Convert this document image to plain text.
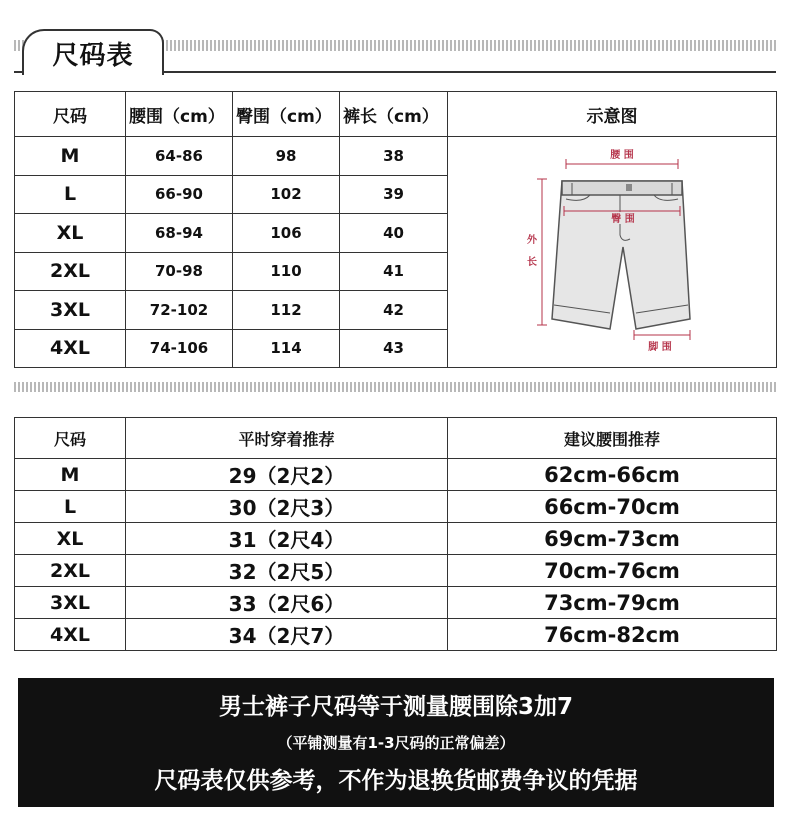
尺码表
尺码	腰围（cm）	臀围（cm）	裤长（cm）	示意图
M	64-86	98	38	腰 围
外
长
臀 围
脚 围

L	66-90	102	39	
XL	68-94	106	40	
2XL	70-98	110	41	
3XL	72-102	112	42	
4XL	74-106	114	43	
尺码	平时穿着推荐	建议腰围推荐
M	29（2尺2）	62cm-66cm
L	30（2尺3）	66cm-70cm
XL	31（2尺4）	69cm-73cm
2XL	32（2尺5）	70cm-76cm
3XL	33（2尺6）	73cm-79cm
4XL	34（2尺7）	76cm-82cm
男士裤子尺码等于测量腰围除3加7
（平铺测量有1-3尺码的正常偏差）
尺码表仅供参考，不作为退换货邮费争议的凭据
